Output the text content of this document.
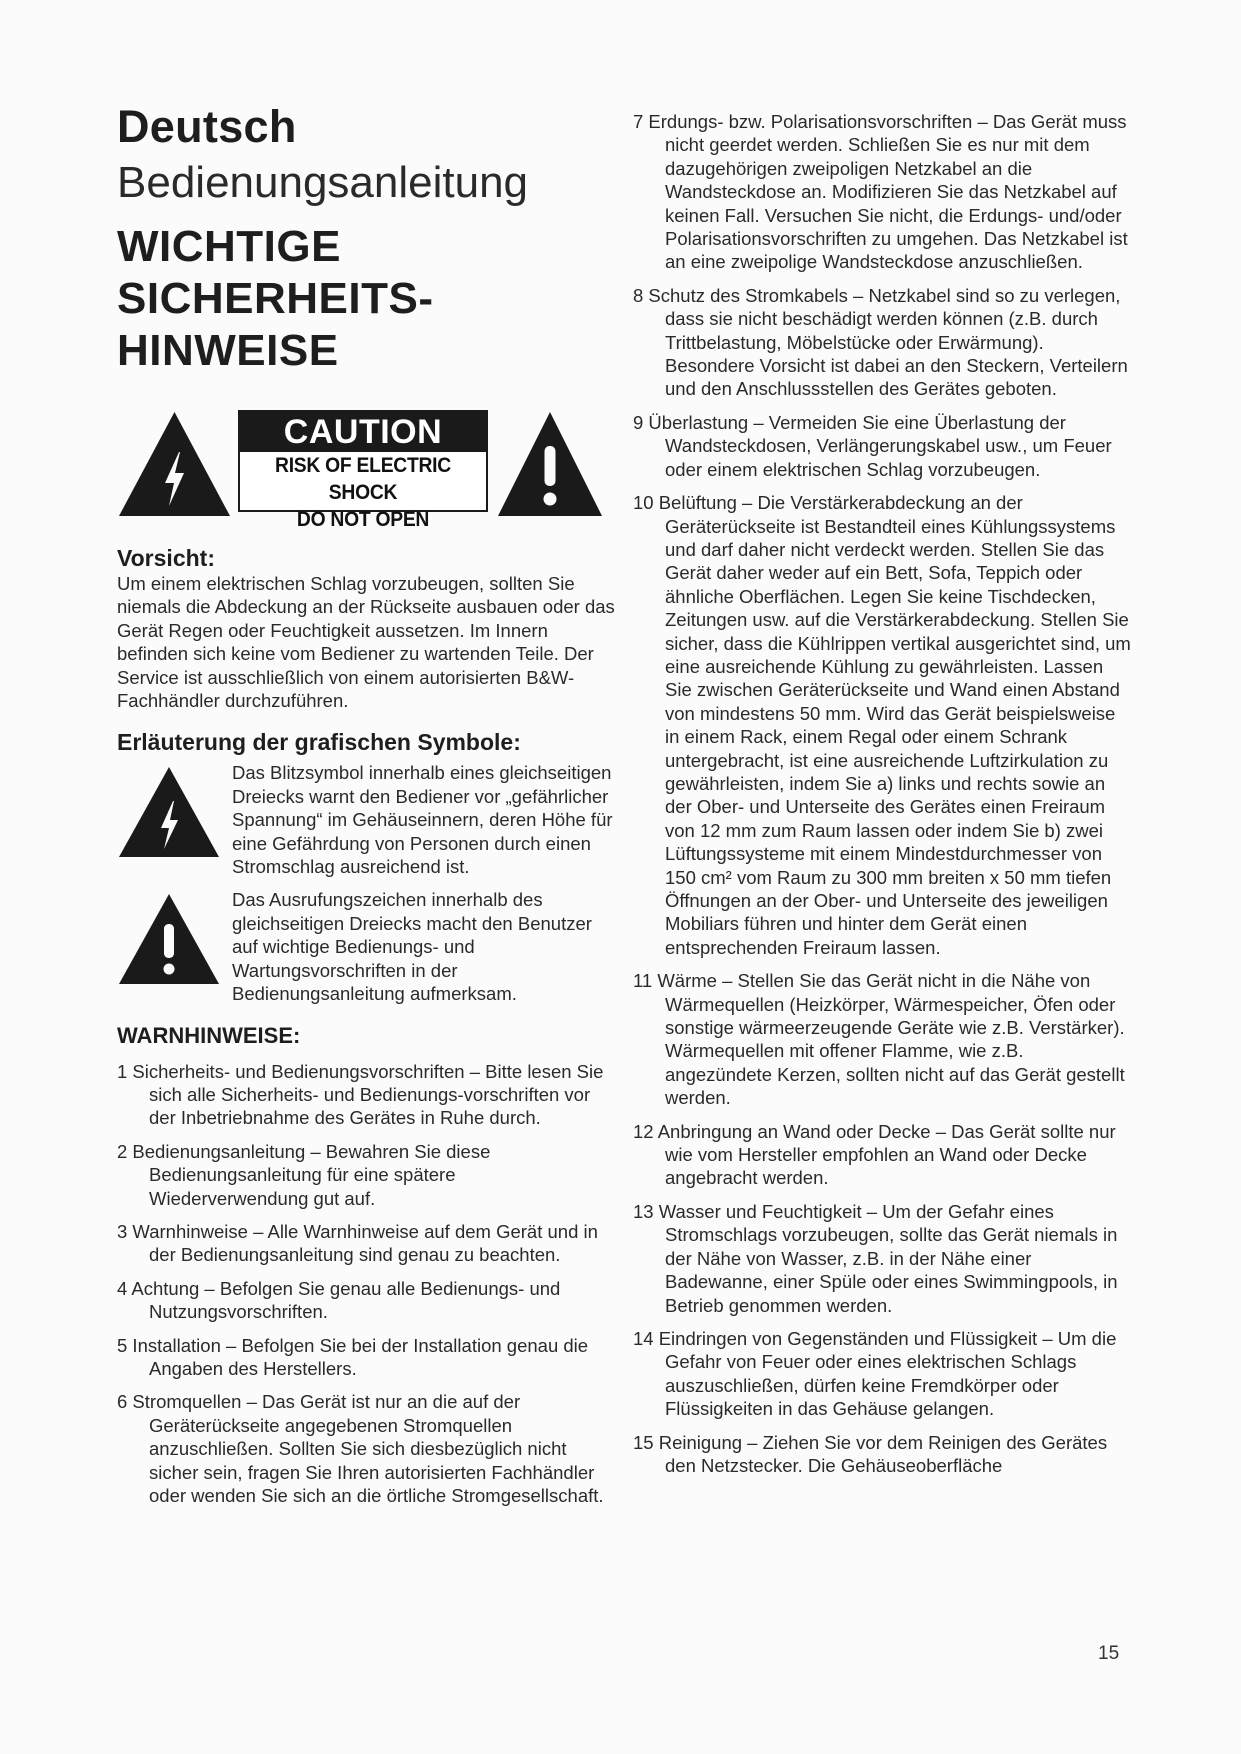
Deutsch
Bedienungsanleitung
WICHTIGE
SICHERHEITS-
HINWEISE
CAUTION
RISK OF ELECTRIC SHOCK
DO NOT OPEN
Vorsicht:

Um einem elektrischen Schlag vorzubeugen, sollten Sie niemals die Abdeckung an der Rückseite ausbauen oder das Gerät Regen oder Feuchtigkeit aussetzen. Im Innern befinden sich keine vom Bediener zu wartenden Teile. Der Service ist ausschließlich von einem autorisierten B&W-Fachhändler durchzuführen.

Erläuterung der grafischen Symbole:

Das Blitzsymbol innerhalb eines gleichseitigen Dreiecks warnt den Bediener vor „gefährlicher Spannung“ im Gehäuseinnern, deren Höhe für eine Gefährdung von Personen durch einen Stromschlag ausreichend ist.

Das Ausrufungszeichen innerhalb des gleichseitigen Dreiecks macht den Benutzer auf wichtige Bedienungs- und Wartungsvorschriften in der Bedienungsanleitung aufmerksam.

WARNHINWEISE:

1 Sicherheits- und Bedienungsvorschriften – Bitte lesen Sie sich alle Sicherheits- und Bedienungs-vorschriften vor der Inbetriebnahme des Gerätes in Ruhe durch.

2 Bedienungsanleitung – Bewahren Sie diese Bedienungsanleitung für eine spätere Wiederverwendung gut auf.

3 Warnhinweise – Alle Warnhinweise auf dem Gerät und in der Bedienungsanleitung sind genau zu beachten.

4 Achtung – Befolgen Sie genau alle Bedienungs- und Nutzungsvorschriften.

5 Installation – Befolgen Sie bei der Installation genau die Angaben des Herstellers.

6 Stromquellen – Das Gerät ist nur an die auf der Geräterückseite angegebenen Stromquellen anzuschließen. Sollten Sie sich diesbezüglich nicht sicher sein, fragen Sie Ihren autorisierten Fachhändler oder wenden Sie sich an die örtliche Stromgesellschaft.

7 Erdungs- bzw. Polarisationsvorschriften – Das Gerät muss nicht geerdet werden. Schließen Sie es nur mit dem dazugehörigen zweipoligen Netzkabel an die Wandsteckdose an. Modifizieren Sie das Netzkabel auf keinen Fall. Versuchen Sie nicht, die Erdungs- und/oder Polarisationsvorschriften zu umgehen. Das Netzkabel ist an eine zweipolige Wandsteckdose anzuschließen.

8 Schutz des Stromkabels – Netzkabel sind so zu verlegen, dass sie nicht beschädigt werden können (z.B. durch Trittbelastung, Möbelstücke oder Erwärmung). Besondere Vorsicht ist dabei an den Steckern, Verteilern und den Anschlussstellen des Gerätes geboten.

9 Überlastung – Vermeiden Sie eine Überlastung der Wandsteckdosen, Verlängerungskabel usw., um Feuer oder einem elektrischen Schlag vorzubeugen.

10 Belüftung – Die Verstärkerabdeckung an der Geräterückseite ist Bestandteil eines Kühlungssystems und darf daher nicht verdeckt werden. Stellen Sie das Gerät daher weder auf ein Bett, Sofa, Teppich oder ähnliche Oberflächen. Legen Sie keine Tischdecken, Zeitungen usw. auf die Verstärkerabdeckung. Stellen Sie sicher, dass die Kühlrippen vertikal ausgerichtet sind, um eine ausreichende Kühlung zu gewährleisten. Lassen Sie zwischen Geräterückseite und Wand einen Abstand von mindestens 50 mm. Wird das Gerät beispielsweise in einem Rack, einem Regal oder einem Schrank untergebracht, ist eine ausreichende Luftzirkulation zu gewährleisten, indem Sie a) links und rechts sowie an der Ober- und Unterseite des Gerätes einen Freiraum von 12 mm zum Raum lassen oder indem Sie b) zwei Lüftungssysteme mit einem Mindestdurchmesser von 150 cm² vom Raum zu 300 mm breiten x 50 mm tiefen Öffnungen an der Ober- und Unterseite des jeweiligen Mobiliars führen und hinter dem Gerät einen entsprechenden Freiraum lassen.

11 Wärme – Stellen Sie das Gerät nicht in die Nähe von Wärmequellen (Heizkörper, Wärmespeicher, Öfen oder sonstige wärmeerzeugende Geräte wie z.B. Verstärker). Wärmequellen mit offener Flamme, wie z.B. angezündete Kerzen, sollten nicht auf das Gerät gestellt werden.

12 Anbringung an Wand oder Decke – Das Gerät sollte nur wie vom Hersteller empfohlen an Wand oder Decke angebracht werden.

13 Wasser und Feuchtigkeit – Um der Gefahr eines Stromschlags vorzubeugen, sollte das Gerät niemals in der Nähe von Wasser, z.B. in der Nähe einer Badewanne, einer Spüle oder eines Swimmingpools, in Betrieb genommen werden.

14 Eindringen von Gegenständen und Flüssigkeit – Um die Gefahr von Feuer oder eines elektrischen Schlags auszuschließen, dürfen keine Fremdkörper oder Flüssigkeiten in das Gehäuse gelangen.

15 Reinigung – Ziehen Sie vor dem Reinigen des Gerätes den Netzstecker. Die Gehäuseoberfläche

15
